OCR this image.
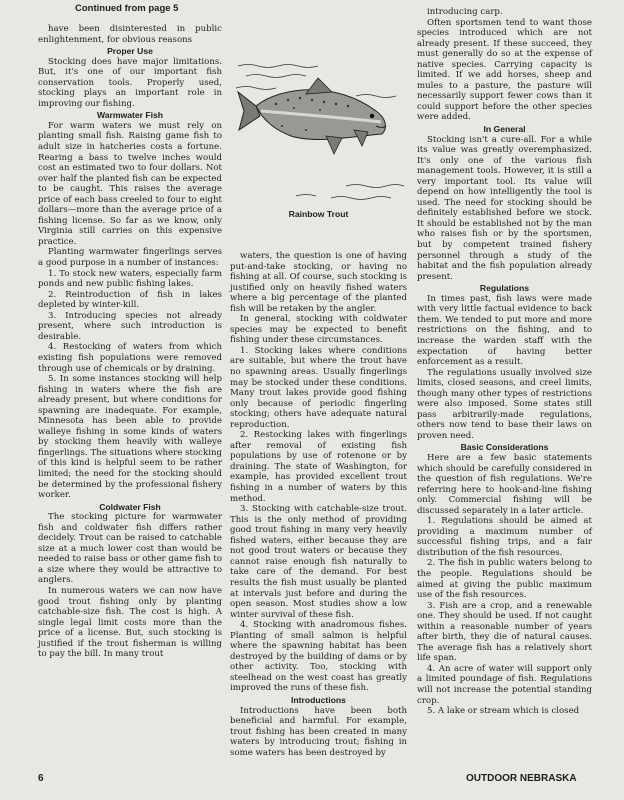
Continued from page 5

have been disinterested in public enlightenment, for obvious reasons

Proper Use

Stocking does have major limitations. But, it's one of our important fish conservation tools. Properly used, stocking plays an important role in improving our fishing.

Warmwater Fish

For warm waters we must rely on planting small fish. Raising game fish to adult size in hatcheries costs a fortune. Rearing a bass to twelve inches would cost an estimated two to four dollars. Not over half the planted fish can be expected to be caught. This raises the average price of each bass creeled to four to eight dollars—more than the average price of a fishing license. So far as we know, only Virginia still carries on this expensive practice.

Planting warmwater fingerlings serves a good purpose in a number of instances:

1. To stock new waters, especially farm ponds and new public fishing lakes.

2. Reintroduction of fish in lakes depleted by winter-kill.

3. Introducing species not already present, where such introduction is desirable.

4. Restocking of waters from which existing fish populations were removed through use of chemicals or by draining.

5. In some instances stocking will help fishing in waters where the fish are already present, but where conditions for spawning are inadequate. For example, Minnesota has been able to provide walleye fishing in some kinds of waters by stocking them heavily with walleye fingerlings. The situations where stocking of this kind is helpful seem to be rather limited; the need for the stocking should be determined by the professional fishery worker.

Coldwater Fish

The stocking picture for warmwater fish and coldwater fish differs rather decidely. Trout can be raised to catchable size at a much lower cost than would be needed to raise bass or other game fish to a size where they would be attractive to anglers.

In numerous waters we can now have good trout fishing only by planting catchable-size fish. The cost is high. A single legal limit costs more than the price of a license. But, such stocking is justified if the trout fisherman is willing to pay the bill. In many trout

Rainbow Trout

waters, the question is one of having put-and-take stocking, or having no fishing at all. Of course, such stocking is justified only on heavily fished waters where a big percentage of the planted fish will be retaken by the angler.

In general, stocking with coldwater species may be expected to benefit fishing under these circumstances.

1. Stocking lakes where conditions are suitable, but where the trout have no spawning areas. Usually fingerlings may be stocked under these conditions. Many trout lakes provide good fishing only because of periodic fingerling stocking; others have adequate natural reproduction.

2. Restocking lakes with fingerlings after removal of existing fish populations by use of rotenone or by draining. The state of Washington, for example, has provided excellent trout fishing in a number of waters by this method.

3. Stocking with catchable-size trout. This is the only method of providing good trout fishing in many very heavily fished waters, either because they are not good trout waters or because they cannot raise enough fish naturally to take care of the demand. For best results the fish must usually be planted at intervals just before and during the open season. Most studies show a low winter survival of these fish.

4. Stocking with anadromous fishes. Planting of small salmon is helpful where the spawning habitat has been destroyed by the building of dams or by other activity. Too, stocking with steelhead on the west coast has greatly improved the runs of these fish.

Introductions

Introductions have been both beneficial and harmful. For example, trout fishing has been created in many waters by introducing trout; fishing in some waters has been destroyed by

introducing carp.

Often sportsmen tend to want those species introduced which are not already present. If these succeed, they must generally do so at the expense of native species. Carrying capacity is limited. If we add horses, sheep and mules to a pasture, the pasture will necessarily support fewer cows than it could support before the other species were added.

In General

Stocking isn't a cure-all. For a while its value was greatly overemphasized. It's only one of the various fish management tools. However, it is still a very important tool. Its value will depend on how intelligently the tool is used. The need for stocking should be definitely established before we stock. It should be established not by the man who raises fish or by the sportsmen, but by competent trained fishery personnel through a study of the habitat and the fish population already present.

Regulations

In times past, fish laws were made with very little factual evidence to back them. We tended to put more and more restrictions on the fishing, and to increase the warden staff with the expectation of having better enforcement as a result.

The regulations usually involved size limits, closed seasons, and creel limits, though many other types of restrictions were also imposed. Some states still pass arbitrarily-made regulations, others now tend to base their laws on proven need.

Basic Considerations

Here are a few basic statements which should be carefully considered in the question of fish regulations. We're referring here to hook-and-line fishing only. Commercial fishing will be discussed separately in a later article.

1. Regulations should be aimed at providing a maximum number of successful fishing trips, and a fair distribution of the fish resources.

2. The fish in public waters belong to the people. Regulations should be aimed at giving the public maximum use of the fish resources.

3. Fish are a crop, and a renewable one. They should be used. If not caught within a reasonable number of years after birth, they die of natural causes. The average fish has a relatively short life span.

4. An acre of water will support only a limited poundage of fish. Regulations will not increase the potential standing crop.

5. A lake or stream which is closed

6	OUTDOOR NEBRASKA
